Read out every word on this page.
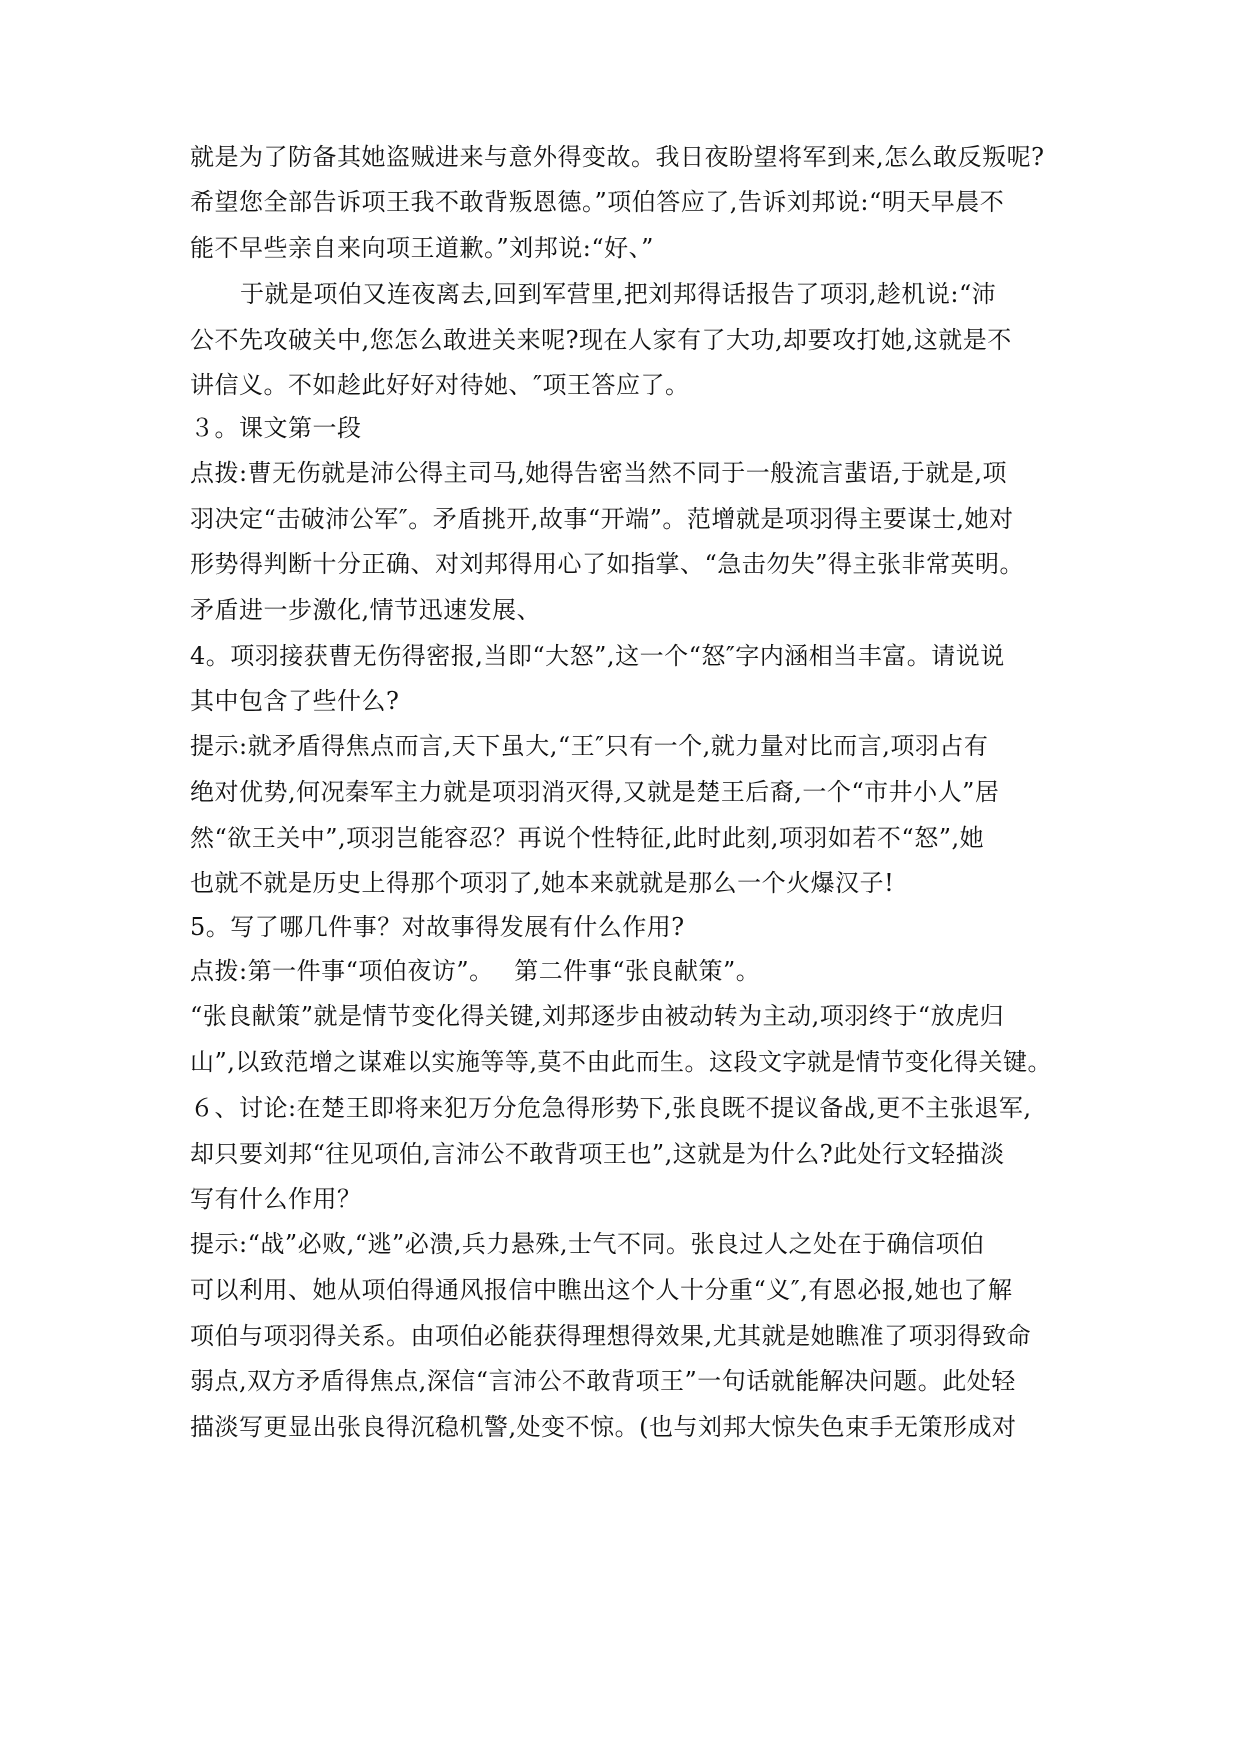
就是为了防备其她盗贼进来与意外得变故。我日夜盼望将军到来,怎么敢反叛呢?
希望您全部告诉项王我不敢背叛恩德。”项伯答应了,告诉刘邦说:“明天早晨不
能不早些亲自来向项王道歉。”刘邦说:“好、”
于就是项伯又连夜离去,回到军营里,把刘邦得话报告了项羽,趁机说:“沛
公不先攻破关中,您怎么敢进关来呢?现在人家有了大功,却要攻打她,这就是不
讲信义。不如趁此好好对待她、″项王答应了。
３。课文第一段
点拨:曹无伤就是沛公得主司马,她得告密当然不同于一般流言蜚语,于就是,项
羽决定“击破沛公军″。矛盾挑开,故事“开端”。范增就是项羽得主要谋士,她对
形势得判断十分正确、对刘邦得用心了如指掌、“急击勿失”得主张非常英明。
矛盾进一步激化,情节迅速发展、
4。项羽接获曹无伤得密报,当即“大怒”,这一个“怒″字内涵相当丰富。请说说
其中包含了些什么?
提示:就矛盾得焦点而言,天下虽大,“王″只有一个,就力量对比而言,项羽占有
绝对优势,何况秦军主力就是项羽消灭得,又就是楚王后裔,一个“市井小人”居
然“欲王关中”,项羽岂能容忍？再说个性特征,此时此刻,项羽如若不“怒”,她
也就不就是历史上得那个项羽了,她本来就就是那么一个火爆汉子!
5。写了哪几件事？对故事得发展有什么作用?
点拨:第一件事“项伯夜访”。　 第二件事“张良献策”。
“张良献策”就是情节变化得关键,刘邦逐步由被动转为主动,项羽终于“放虎归
山”,以致范增之谋难以实施等等,莫不由此而生。这段文字就是情节变化得关键。
６、讨论:在楚王即将来犯万分危急得形势下,张良既不提议备战,更不主张退军,
却只要刘邦“往见项伯,言沛公不敢背项王也”,这就是为什么?此处行文轻描淡
写有什么作用？
提示:“战”必败,“逃”必溃,兵力悬殊,士气不同。张良过人之处在于确信项伯
可以利用、她从项伯得通风报信中瞧出这个人十分重“义″,有恩必报,她也了解
项伯与项羽得关系。由项伯必能获得理想得效果,尤其就是她瞧准了项羽得致命
弱点,双方矛盾得焦点,深信“言沛公不敢背项王”一句话就能解决问题。此处轻
描淡写更显出张良得沉稳机警,处变不惊。(也与刘邦大惊失色束手无策形成对
